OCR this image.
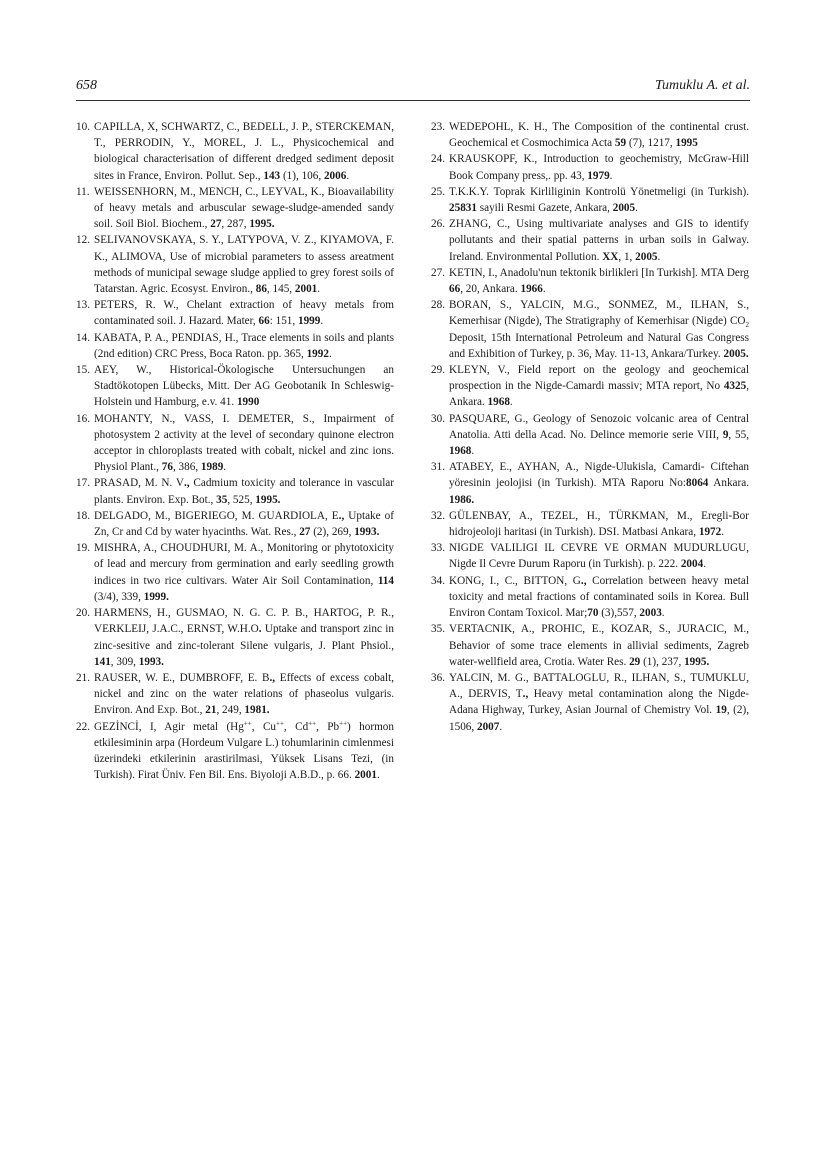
658	Tumuklu A. et al.

10. CAPILLA, X, SCHWARTZ, C., BEDELL, J. P., STERCKEMAN, T., PERRODIN, Y., MOREL, J. L., Physicochemical and biological characterisation of different dredged sediment deposit sites in France, Environ. Pollut. Sep., 143 (1), 106, 2006.

11. WEISSENHORN, M., MENCH, C., LEYVAL, K., Bioavailability of heavy metals and arbuscular sewage-sludge-amended sandy soil. Soil Biol. Biochem., 27, 287, 1995.

12. SELIVANOVSKAYA, S. Y., LATYPOVA, V. Z., KIYAMOVA, F. K., ALIMOVA, Use of microbial parameters to assess areatment methods of municipal sewage sludge applied to grey forest soils of Tatarstan. Agric. Ecosyst. Environ., 86, 145, 2001.

13. PETERS, R. W., Chelant extraction of heavy metals from contaminated soil. J. Hazard. Mater, 66: 151, 1999.

14. KABATA, P. A., PENDIAS, H., Trace elements in soils and plants (2nd edition) CRC Press, Boca Raton. pp. 365, 1992.

15. AEY, W., Historical-Ökologische Untersuchungen an Stadtökotopen Lübecks, Mitt. Der AG Geobotanik In Schleswig-Holstein und Hamburg, e.v. 41. 1990

16. MOHANTY, N., VASS, I. DEMETER, S., Impairment of photosystem 2 activity at the level of secondary quinone electron acceptor in chloroplasts treated with cobalt, nickel and zinc ions. Physiol Plant., 76, 386, 1989.

17. PRASAD, M. N. V., Cadmium toxicity and tolerance in vascular plants. Environ. Exp. Bot., 35, 525, 1995.

18. DELGADO, M., BIGERIEGO, M. GUARDIOLA, E., Uptake of Zn, Cr and Cd by water hyacinths. Wat. Res., 27 (2), 269, 1993.

19. MISHRA, A., CHOUDHURI, M. A., Monitoring or phytotoxicity of lead and mercury from germination and early seedling growth indices in two rice cultivars. Water Air Soil Contamination, 114 (3/4), 339, 1999.

20. HARMENS, H., GUSMAO, N. G. C. P. B., HARTOG, P. R., VERKLEIJ, J.A.C., ERNST, W.H.O. Uptake and transport zinc in zinc-sesitive and zinc-tolerant Silene vulgaris, J. Plant Phsiol., 141, 309, 1993.

21. RAUSER, W. E., DUMBROFF, E. B., Effects of excess cobalt, nickel and zinc on the water relations of phaseolus vulgaris. Environ. And Exp. Bot., 21, 249, 1981.

22. GEZİNCİ, I, Agir metal (Hg++, Cu++, Cd++, Pb++) hormon etkilesiminin arpa (Hordeum Vulgare L.) tohumlarinin cimlenmesi üzerindeki etkilerinin arastirilmasi, Yüksek Lisans Tezi, (in Turkish). Firat Üniv. Fen Bil. Ens. Biyoloji A.B.D., p. 66. 2001.

23. WEDEPOHL, K. H., The Composition of the continental crust. Geochemical et Cosmochimica Acta 59 (7), 1217, 1995

24. KRAUSKOPF, K., Introduction to geochemistry, McGraw-Hill Book Company press,. pp. 43, 1979.

25. T.K.K.Y. Toprak Kirliliginin Kontrolü Yönetmeligi (in Turkish). 25831 sayili Resmi Gazete, Ankara, 2005.

26. ZHANG, C., Using multivariate analyses and GIS to identify pollutants and their spatial patterns in urban soils in Galway. Ireland. Environmental Pollution. XX, 1, 2005.

27. KETIN, I., Anadolu'nun tektonik birlikleri [In Turkish]. MTA Derg 66, 20, Ankara. 1966.

28. BORAN, S., YALCIN, M.G., SONMEZ, M., ILHAN, S., Kemerhisar (Nigde), The Stratigraphy of Kemerhisar (Nigde) $CO_2$ Deposit, 15th International Petroleum and Natural Gas Congress and Exhibition of Turkey, p. 36, May. 11-13, Ankara/Turkey. 2005.

29. KLEYN, V., Field report on the geology and geochemical prospection in the Nigde-Camardi massiv; MTA report, No 4325, Ankara. 1968.

30. PASQUARE, G., Geology of Senozoic volcanic area of Central Anatolia. Atti della Acad. No. Delince memorie serie VIII, 9, 55, 1968.

31. ATABEY, E., AYHAN, A., Nigde-Ulukisla, Camardi- Ciftehan yöresinin jeolojisi (in Turkish). MTA Raporu No:8064 Ankara. 1986.

32. GÜLENBAY, A., TEZEL, H., TÜRKMAN, M., Eregli-Bor hidrojeoloji haritasi (in Turkish). DSI. Matbasi Ankara, 1972.

33. NIGDE VALILIGI IL CEVRE VE ORMAN MUDURLUGU, Nigde Il Cevre Durum Raporu (in Turkish). p. 222. 2004.

34. KONG, I., C., BITTON, G., Correlation between heavy metal toxicity and metal fractions of contaminated soils in Korea. Bull Environ Contam Toxicol. Mar;70 (3),557, 2003.

35. VERTACNIK, A., PROHIC, E., KOZAR, S., JURACIC, M., Behavior of some trace elements in allivial sediments, Zagreb water-wellfield area, Crotia. Water Res. 29 (1), 237, 1995.

36. YALCIN, M. G., BATTALOGLU, R., ILHAN, S., TUMUKLU, A., DERVIS, T., Heavy metal contamination along the Nigde-Adana Highway, Turkey, Asian Journal of Chemistry Vol. 19, (2), 1506, 2007.
